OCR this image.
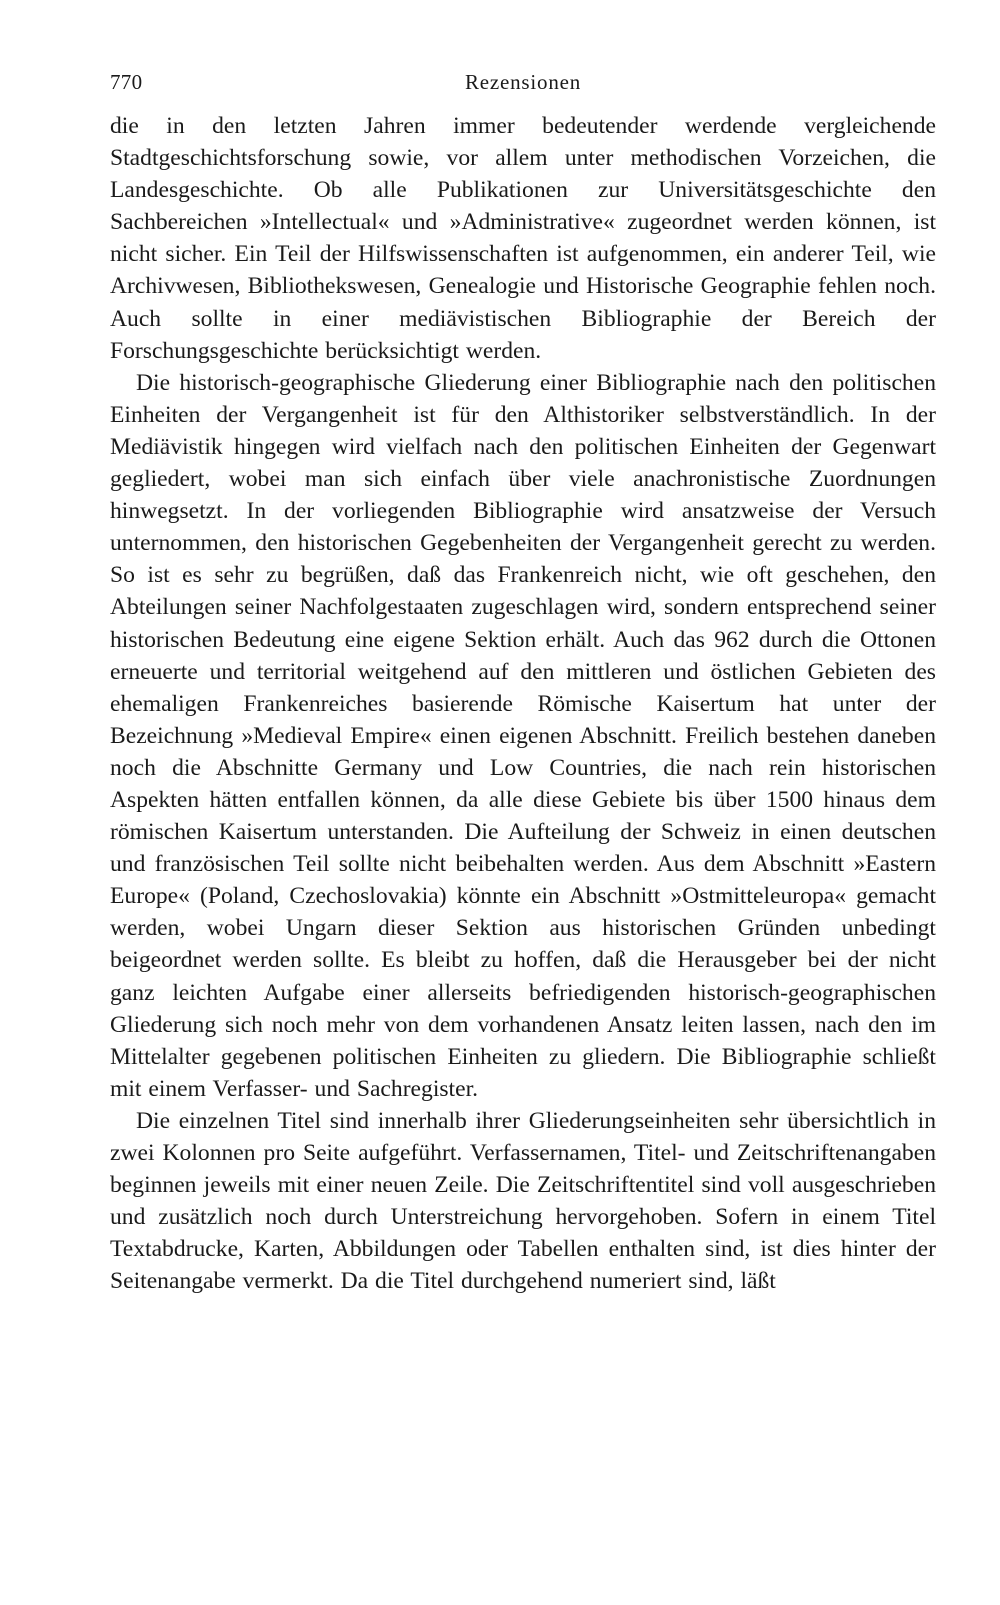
770	Rezensionen

die in den letzten Jahren immer bedeutender werdende vergleichende Stadtgeschichtsforschung sowie, vor allem unter methodischen Vorzeichen, die Landesgeschichte. Ob alle Publikationen zur Universitätsgeschichte den Sachbereichen »Intellectual« und »Administrative« zugeordnet werden können, ist nicht sicher. Ein Teil der Hilfswissenschaften ist aufgenommen, ein anderer Teil, wie Archivwesen, Bibliothekswesen, Genealogie und Historische Geographie fehlen noch. Auch sollte in einer mediävistischen Bibliographie der Bereich der Forschungsgeschichte berücksichtigt werden.

Die historisch-geographische Gliederung einer Bibliographie nach den politischen Einheiten der Vergangenheit ist für den Althistoriker selbstverständlich. In der Mediävistik hingegen wird vielfach nach den politischen Einheiten der Gegenwart gegliedert, wobei man sich einfach über viele anachronistische Zuordnungen hinwegsetzt. In der vorliegenden Bibliographie wird ansatzweise der Versuch unternommen, den historischen Gegebenheiten der Vergangenheit gerecht zu werden. So ist es sehr zu begrüßen, daß das Frankenreich nicht, wie oft geschehen, den Abteilungen seiner Nachfolgestaaten zugeschlagen wird, sondern entsprechend seiner historischen Bedeutung eine eigene Sektion erhält. Auch das 962 durch die Ottonen erneuerte und territorial weitgehend auf den mittleren und östlichen Gebieten des ehemaligen Frankenreiches basierende Römische Kaisertum hat unter der Bezeichnung »Medieval Empire« einen eigenen Abschnitt. Freilich bestehen daneben noch die Abschnitte Germany und Low Countries, die nach rein historischen Aspekten hätten entfallen können, da alle diese Gebiete bis über 1500 hinaus dem römischen Kaisertum unterstanden. Die Aufteilung der Schweiz in einen deutschen und französischen Teil sollte nicht beibehalten werden. Aus dem Abschnitt »Eastern Europe« (Poland, Czechoslovakia) könnte ein Abschnitt »Ostmitteleuropa« gemacht werden, wobei Ungarn dieser Sektion aus historischen Gründen unbedingt beigeordnet werden sollte. Es bleibt zu hoffen, daß die Herausgeber bei der nicht ganz leichten Aufgabe einer allerseits befriedigenden historisch-geographischen Gliederung sich noch mehr von dem vorhandenen Ansatz leiten lassen, nach den im Mittelalter gegebenen politischen Einheiten zu gliedern. Die Bibliographie schließt mit einem Verfasser- und Sachregister.

Die einzelnen Titel sind innerhalb ihrer Gliederungseinheiten sehr übersichtlich in zwei Kolonnen pro Seite aufgeführt. Verfassernamen, Titel- und Zeitschriftenangaben beginnen jeweils mit einer neuen Zeile. Die Zeitschriftentitel sind voll ausgeschrieben und zusätzlich noch durch Unterstreichung hervorgehoben. Sofern in einem Titel Textabdrucke, Karten, Abbildungen oder Tabellen enthalten sind, ist dies hinter der Seitenangabe vermerkt. Da die Titel durchgehend numeriert sind, läßt
